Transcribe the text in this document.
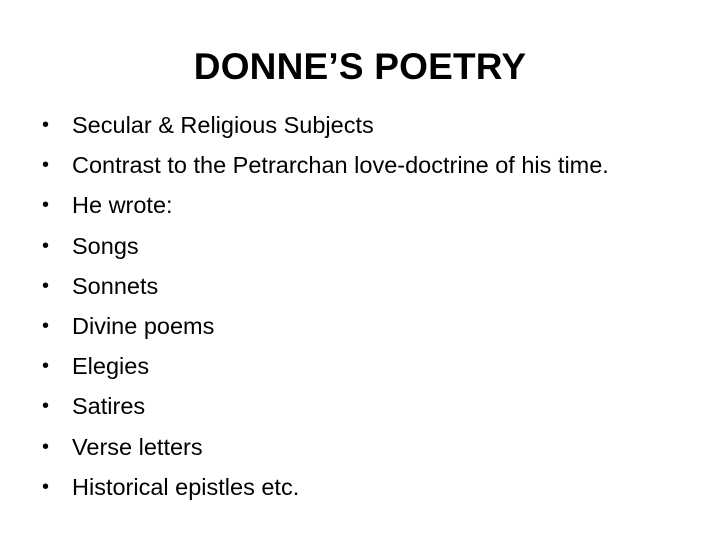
DONNE’S POETRY
• Secular & Religious Subjects
• Contrast to the Petrarchan love-doctrine of his time.
• He wrote:
• Songs
• Sonnets
• Divine poems
• Elegies
• Satires
• Verse letters
• Historical epistles etc.
